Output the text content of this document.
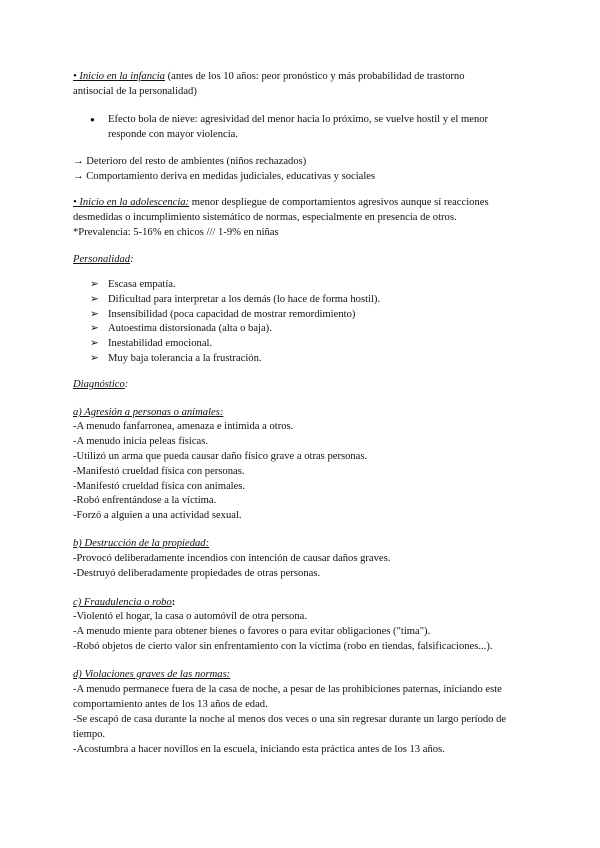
• Inicio en la infancia (antes de los 10 años: peor pronóstico y más probabilidad de trastorno
antisocial de la personalidad)
● Efecto bola de nieve: agresividad del menor hacia lo próximo, se vuelve hostil y el menor
responde con mayor violencia.
→ Deterioro del resto de ambientes (niños rechazados)
→ Comportamiento deriva en medidas judiciales, educativas y sociales
• Inicio en la adolescencia: menor despliegue de comportamientos agresivos aunque sí reacciones
desmedidas o incumplimiento sistemático de normas, especialmente en presencia de otros.
*Prevalencia: 5-16% en chicos /// 1-9% en niñas
Personalidad:
➢ Escasa empatía.
➢ Dificultad para interpretar a los demás (lo hace de forma hostil).
➢ Insensibilidad (poca capacidad de mostrar remordimiento)
➢ Autoestima distorsionada (alta o baja).
➢ Inestabilidad emocional.
➢ Muy baja tolerancia a la frustración.
Diagnóstico:
a) Agresión a personas o animales:
-A menudo fanfarronea, amenaza e intimida a otros.
-A menudo inicia peleas físicas.
-Utilizó un arma que pueda causar daño físico grave a otras personas.
-Manifestó crueldad física con personas.
-Manifestó crueldad física con animales.
-Robó enfrentándose a la víctima.
-Forzó a alguien a una actividad sexual.
b) Destrucción de la propiedad:
-Provocó deliberadamente incendios con intención de causar daños graves.
-Destruyó deliberadamente propiedades de otras personas.
c) Fraudulencia o robo:
-Violentó el hogar, la casa o automóvil de otra persona.
-A menudo miente para obtener bienes o favores o para evitar obligaciones ("tima").
-Robó objetos de cierto valor sin enfrentamiento con la víctima (robo en tiendas, falsificaciones...).
d) Violaciones graves de las normas:
-A menudo permanece fuera de la casa de noche, a pesar de las prohibiciones paternas, iniciando este
comportamiento antes de los 13 años de edad.
-Se escapó de casa durante la noche al menos dos veces o una sin regresar durante un largo período de
tiempo.
-Acostumbra a hacer novillos en la escuela, iniciando esta práctica antes de los 13 años.
